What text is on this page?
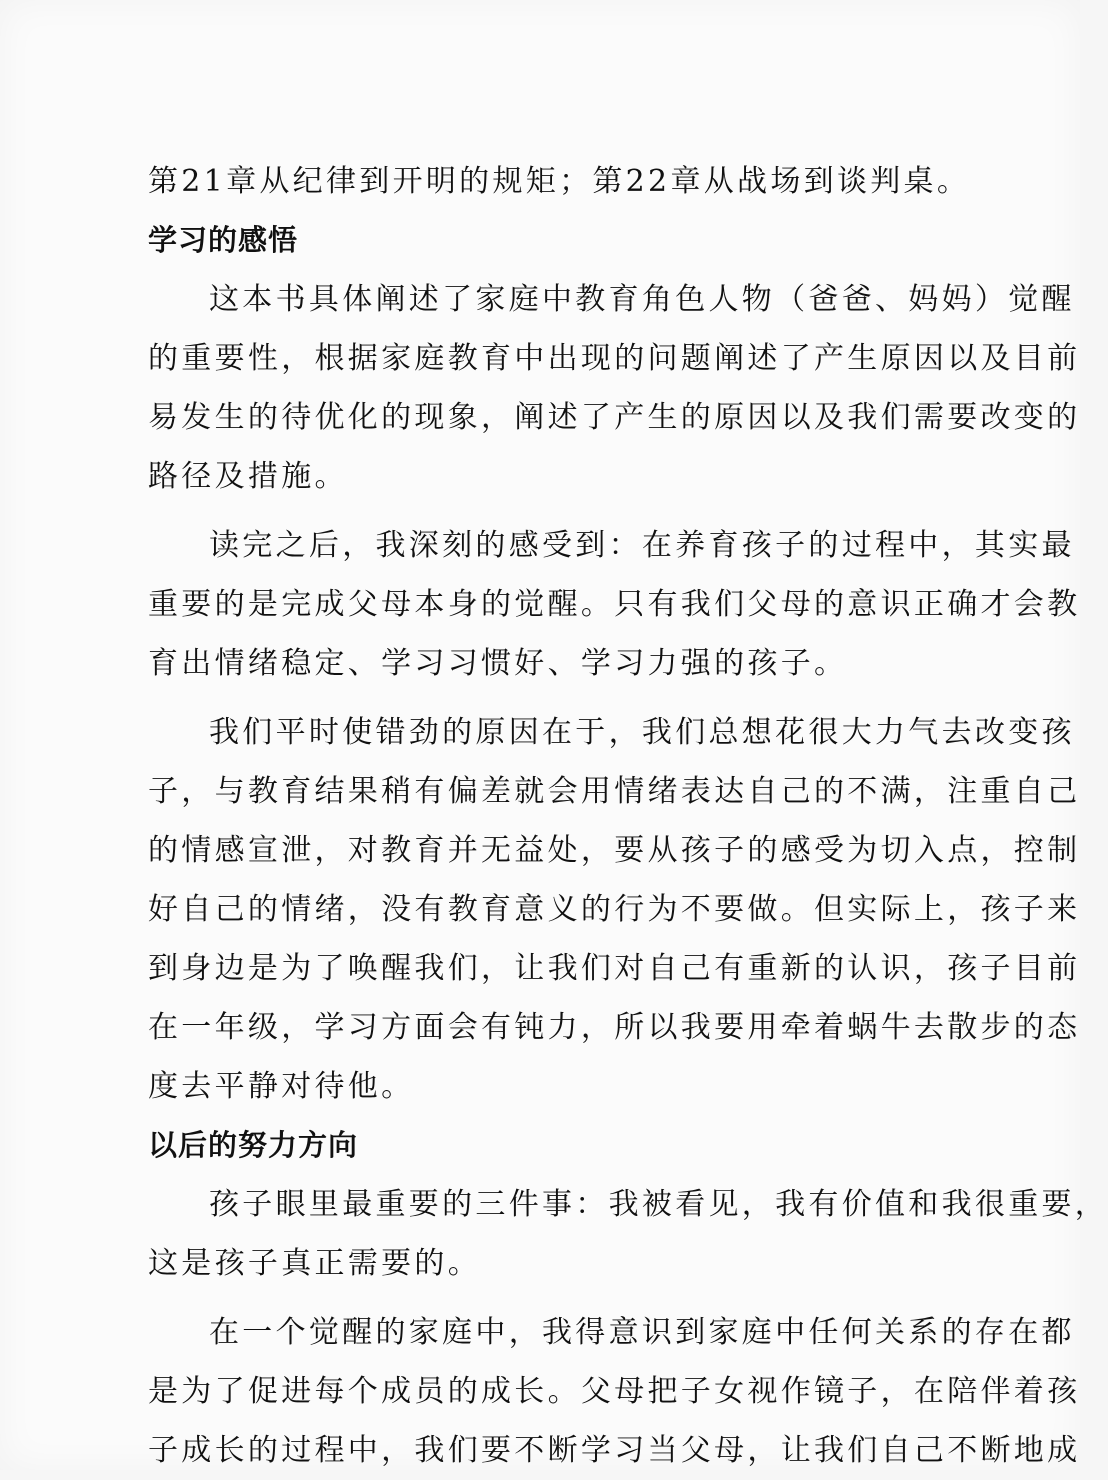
第21章从纪律到开明的规矩；第22章从战场到谈判桌。
学习的感悟
这本书具体阐述了家庭中教育角色人物（爸爸、妈妈）觉醒
的重要性，根据家庭教育中出现的问题阐述了产生原因以及目前
易发生的待优化的现象，阐述了产生的原因以及我们需要改变的
路径及措施。
读完之后，我深刻的感受到：在养育孩子的过程中，其实最
重要的是完成父母本身的觉醒。只有我们父母的意识正确才会教
育出情绪稳定、学习习惯好、学习力强的孩子。
我们平时使错劲的原因在于，我们总想花很大力气去改变孩
子，与教育结果稍有偏差就会用情绪表达自己的不满，注重自己
的情感宣泄，对教育并无益处，要从孩子的感受为切入点，控制
好自己的情绪，没有教育意义的行为不要做。但实际上，孩子来
到身边是为了唤醒我们，让我们对自己有重新的认识，孩子目前
在一年级，学习方面会有钝力，所以我要用牵着蜗牛去散步的态
度去平静对待他。
以后的努力方向
孩子眼里最重要的三件事：我被看见，我有价值和我很重要，
这是孩子真正需要的。
在一个觉醒的家庭中，我得意识到家庭中任何关系的存在都
是为了促进每个成员的成长。父母把子女视作镜子，在陪伴着孩
子成长的过程中，我们要不断学习当父母，让我们自己不断地成
